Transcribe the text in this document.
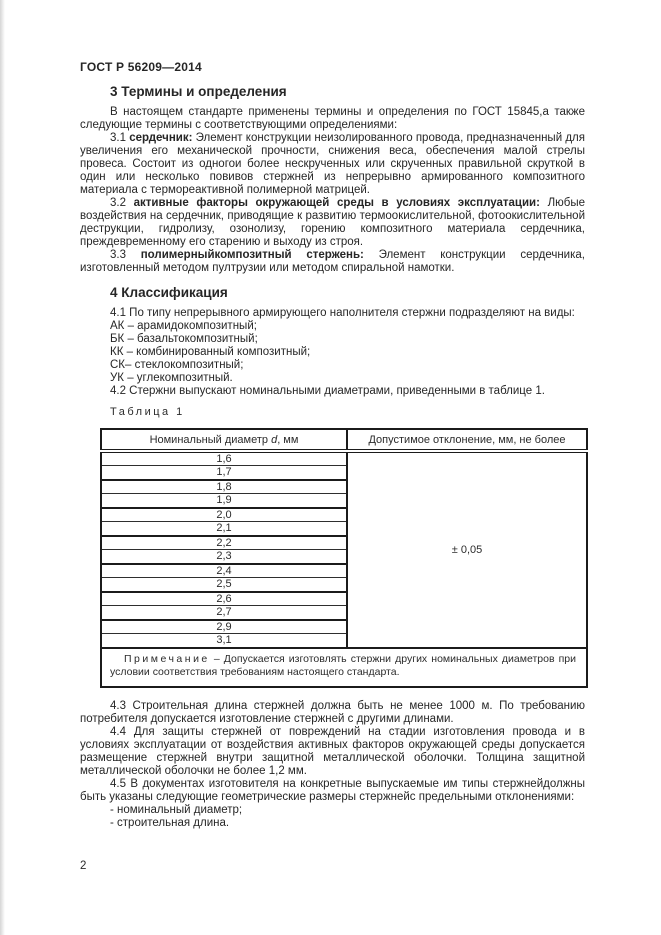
ГОСТ Р 56209—2014
3 Термины и определения

В настоящем стандарте применены термины и определения по ГОСТ 15845,а также следующие термины с соответствующими определениями:

3.1 сердечник: Элемент конструкции неизолированного провода, предназначенный для увеличения его механической прочности, снижения веса, обеспечения малой стрелы провеса. Состоит из одногои более нескрученных или скрученных правильной скруткой в один или несколько повивов стержней из непрерывно армированного композитного материала с термореактивной полимерной матрицей.

3.2 активные факторы окружающей среды в условиях эксплуатации: Любые воздействия на сердечник, приводящие к развитию термоокислительной, фотоокислительной деструкции, гидролизу, озонолизу, горению композитного материала сердечника, преждевременному его старению и выходу из строя.

3.3 полимерныйкомпозитный стержень: Элемент конструкции сердечника, изготовленный методом пултрузии или методом спиральной намотки.

4 Классификация

4.1 По типу непрерывного армирующего наполнителя стержни подразделяют на виды:

АК – арамидокомпозитный;

БК – базальтокомпозитный;

КК – комбинированный композитный;

СК– стеклокомпозитный;

УК – углекомпозитный.

4.2 Стержни выпускают номинальными диаметрами, приведенными в таблице 1.

Таблица 1
Номинальный диаметр d, мм	Допустимое отклонение, мм, не более
1,6	± 0,05
1,7	
1,8	
1,9	
2,0	
2,1	
2,2	
2,3	
2,4	
2,5	
2,6	
2,7	
2,9	
3,1	
Примечание – Допускается изготовлять стержни других номинальных диаметров при условии соответствия требованиям настоящего стандарта.	

4.3 Строительная длина стержней должна быть не менее 1000 м. По требованию потребителя допускается изготовление стержней с другими длинами.

4.4 Для защиты стержней от повреждений на стадии изготовления провода и в условиях эксплуатации от воздействия активных факторов окружающей среды допускается размещение стержней внутри защитной металлической оболочки. Толщина защитной металлической оболочки не более 1,2 мм.

4.5 В документах изготовителя на конкретные выпускаемые им типы стержнейдолжны быть указаны следующие геометрические размеры стержнейс предельными отклонениями:

- номинальный диаметр;

- строительная длина.

2
